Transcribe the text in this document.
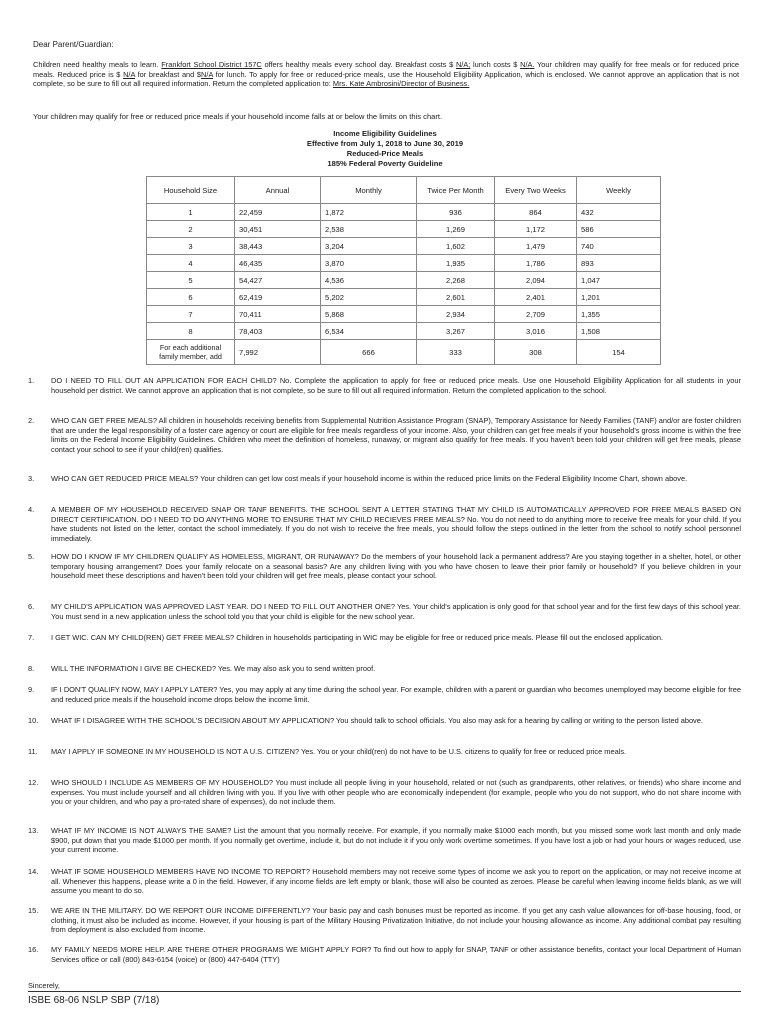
Dear Parent/Guardian:
Children need healthy meals to learn. Frankfort School District 157C offers healthy meals every school day. Breakfast costs $ N/A; lunch costs $ N/A. Your children may qualify for free meals or for reduced price meals. Reduced price is $ N/A for breakfast and $N/A for lunch. To apply for free or reduced-price meals, use the Household Eligibility Application, which is enclosed. We cannot approve an application that is not complete, so be sure to fill out all required information. Return the completed application to: Mrs. Kate Ambrosini/Director of Business.
Your children may qualify for free or reduced price meals if your household income falls at or below the limits on this chart.
Income Eligibility Guidelines
Effective from July 1, 2018 to June 30, 2019
Reduced-Price Meals
185% Federal Poverty Guideline
Household Size	Annual	Monthly	Twice Per Month	Every Two Weeks	Weekly
1	22,459	1,872	936	864	432
2	30,451	2,538	1,269	1,172	586
3	38,443	3,204	1,602	1,479	740
4	46,435	3,870	1,935	1,786	893
5	54,427	4,536	2,268	2,094	1,047
6	62,419	5,202	2,601	2,401	1,201
7	70,411	5,868	2,934	2,709	1,355
8	78,403	6,534	3,267	3,016	1,508
For each additional family member, add	7,992	666	333	308	154
1. DO I NEED TO FILL OUT AN APPLICATION FOR EACH CHILD? No. Complete the application to apply for free or reduced price meals. Use one Household Eligibility Application for all students in your household per district. We cannot approve an application that is not complete, so be sure to fill out all required information. Return the completed application to the school.
2. WHO CAN GET FREE MEALS? All children in households receiving benefits from Supplemental Nutrition Assistance Program (SNAP), Temporary Assistance for Needy Families (TANF) and/or are foster children that are under the legal responsibility of a foster care agency or court are eligible for free meals regardless of your income. Also, your children can get free meals if your household's gross income is within the free limits on the Federal Income Eligibility Guidelines. Children who meet the definition of homeless, runaway, or migrant also qualify for free meals. If you haven't been told your children will get free meals, please contact your school to see if your child(ren) qualifies.
3. WHO CAN GET REDUCED PRICE MEALS? Your children can get low cost meals if your household income is within the reduced price limits on the Federal Eligibility Income Chart, shown above.
4. A MEMBER OF MY HOUSEHOLD RECEIVED SNAP OR TANF BENEFITS. THE SCHOOL SENT A LETTER STATING THAT MY CHILD IS AUTOMATICALLY APPROVED FOR FREE MEALS BASED ON DIRECT CERTIFICATION. DO I NEED TO DO ANYTHING MORE TO ENSURE THAT MY CHILD RECIEVES FREE MEALS? No. You do not need to do anything more to receive free meals for your child. If you have students not listed on the letter, contact the school immediately. If you do not wish to receive the free meals, you should follow the steps outlined in the letter from the school to notify school personnel immediately.
5. HOW DO I KNOW IF MY CHILDREN QUALIFY AS HOMELESS, MIGRANT, OR RUNAWAY? Do the members of your household lack a permanent address? Are you staying together in a shelter, hotel, or other temporary housing arrangement? Does your family relocate on a seasonal basis? Are any children living with you who have chosen to leave their prior family or household? If you believe children in your household meet these descriptions and haven't been told your children will get free meals, please contact your school.
6. MY CHILD'S APPLICATION WAS APPROVED LAST YEAR. DO I NEED TO FILL OUT ANOTHER ONE? Yes. Your child's application is only good for that school year and for the first few days of this school year. You must send in a new application unless the school told you that your child is eligible for the new school year.
7. I GET WIC. CAN MY CHILD(REN) GET FREE MEALS? Children in households participating in WIC may be eligible for free or reduced price meals. Please fill out the enclosed application.
8. WILL THE INFORMATION I GIVE BE CHECKED? Yes. We may also ask you to send written proof.
9. IF I DON'T QUALIFY NOW, MAY I APPLY LATER? Yes, you may apply at any time during the school year. For example, children with a parent or guardian who becomes unemployed may become eligible for free and reduced price meals if the household income drops below the income limit.
10. WHAT IF I DISAGREE WITH THE SCHOOL'S DECISION ABOUT MY APPLICATION? You should talk to school officials. You also may ask for a hearing by calling or writing to the person listed above.
11. MAY I APPLY IF SOMEONE IN MY HOUSEHOLD IS NOT A U.S. CITIZEN? Yes. You or your child(ren) do not have to be U.S. citizens to qualify for free or reduced price meals.
12. WHO SHOULD I INCLUDE AS MEMBERS OF MY HOUSEHOLD? You must include all people living in your household, related or not (such as grandparents, other relatives, or friends) who share income and expenses. You must include yourself and all children living with you. If you live with other people who are economically independent (for example, people who you do not support, who do not share income with you or your children, and who pay a pro-rated share of expenses), do not include them.
13. WHAT IF MY INCOME IS NOT ALWAYS THE SAME? List the amount that you normally receive. For example, if you normally make $1000 each month, but you missed some work last month and only made $900, put down that you made $1000 per month. If you normally get overtime, include it, but do not include it if you only work overtime sometimes. If you have lost a job or had your hours or wages reduced, use your current income.
14. WHAT IF SOME HOUSEHOLD MEMBERS HAVE NO INCOME TO REPORT? Household members may not receive some types of income we ask you to report on the application, or may not receive income at all. Whenever this happens, please write a 0 in the field. However, if any income fields are left empty or blank, those will also be counted as zeroes. Please be careful when leaving income fields blank, as we will assume you meant to do so.
15. WE ARE IN THE MILITARY. DO WE REPORT OUR INCOME DIFFERENTLY? Your basic pay and cash bonuses must be reported as income. If you get any cash value allowances for off-base housing, food, or clothing, it must also be included as income. However, if your housing is part of the Military Housing Privatization Initiative, do not include your housing allowance as income. Any additional combat pay resulting from deployment is also excluded from income.
16. MY FAMILY NEEDS MORE HELP. ARE THERE OTHER PROGRAMS WE MIGHT APPLY FOR? To find out how to apply for SNAP, TANF or other assistance benefits, contact your local Department of Human Services office or call (800) 843-6154 (voice) or (800) 447-6404 (TTY)
Sincerely,
ISBE 68-06 NSLP SBP (7/18)
